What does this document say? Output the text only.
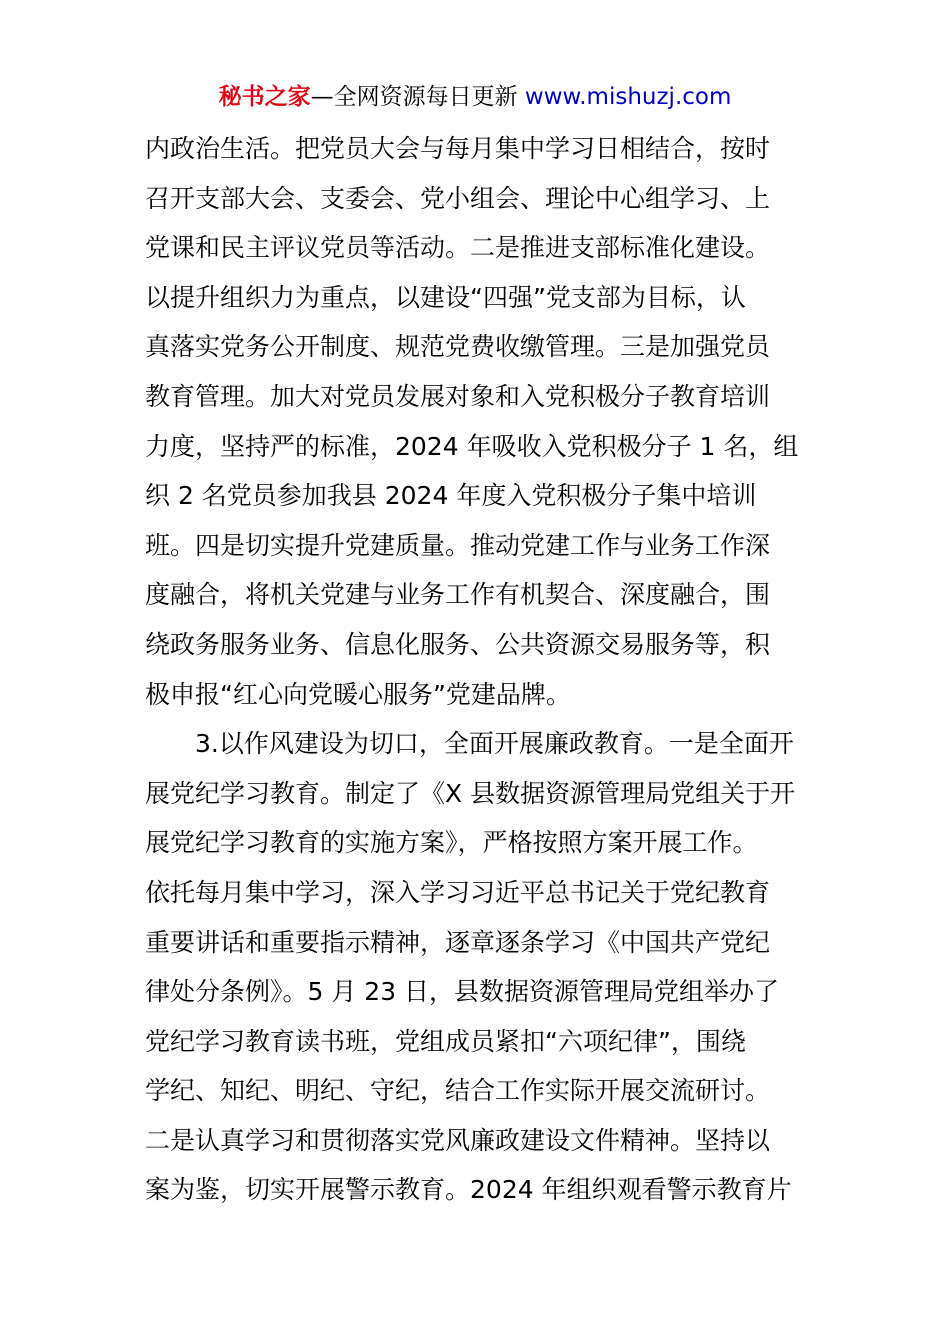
秘书之家—全网资源每日更新 www.mishuzj.com
内政治生活。把党员大会与每月集中学习日相结合，按时
召开支部大会、支委会、党小组会、理论中心组学习、上
党课和民主评议党员等活动。二是推进支部标准化建设。
以提升组织力为重点，以建设“四强”党支部为目标，认
真落实党务公开制度、规范党费收缴管理。三是加强党员
教育管理。加大对党员发展对象和入党积极分子教育培训
力度，坚持严的标准，2024 年吸收入党积极分子 1 名，组
织 2 名党员参加我县 2024 年度入党积极分子集中培训
班。四是切实提升党建质量。推动党建工作与业务工作深
度融合，将机关党建与业务工作有机契合、深度融合，围
绕政务服务业务、信息化服务、公共资源交易服务等，积
极申报“红心向党暖心服务”党建品牌。
3.以作风建设为切口，全面开展廉政教育。一是全面开
展党纪学习教育。制定了《X 县数据资源管理局党组关于开
展党纪学习教育的实施方案》，严格按照方案开展工作。
依托每月集中学习，深入学习习近平总书记关于党纪教育
重要讲话和重要指示精神，逐章逐条学习《中国共产党纪
律处分条例》。5 月 23 日，县数据资源管理局党组举办了
党纪学习教育读书班，党组成员紧扣“六项纪律”，围绕
学纪、知纪、明纪、守纪，结合工作实际开展交流研讨。
二是认真学习和贯彻落实党风廉政建设文件精神。坚持以
案为鉴，切实开展警示教育。2024 年组织观看警示教育片
